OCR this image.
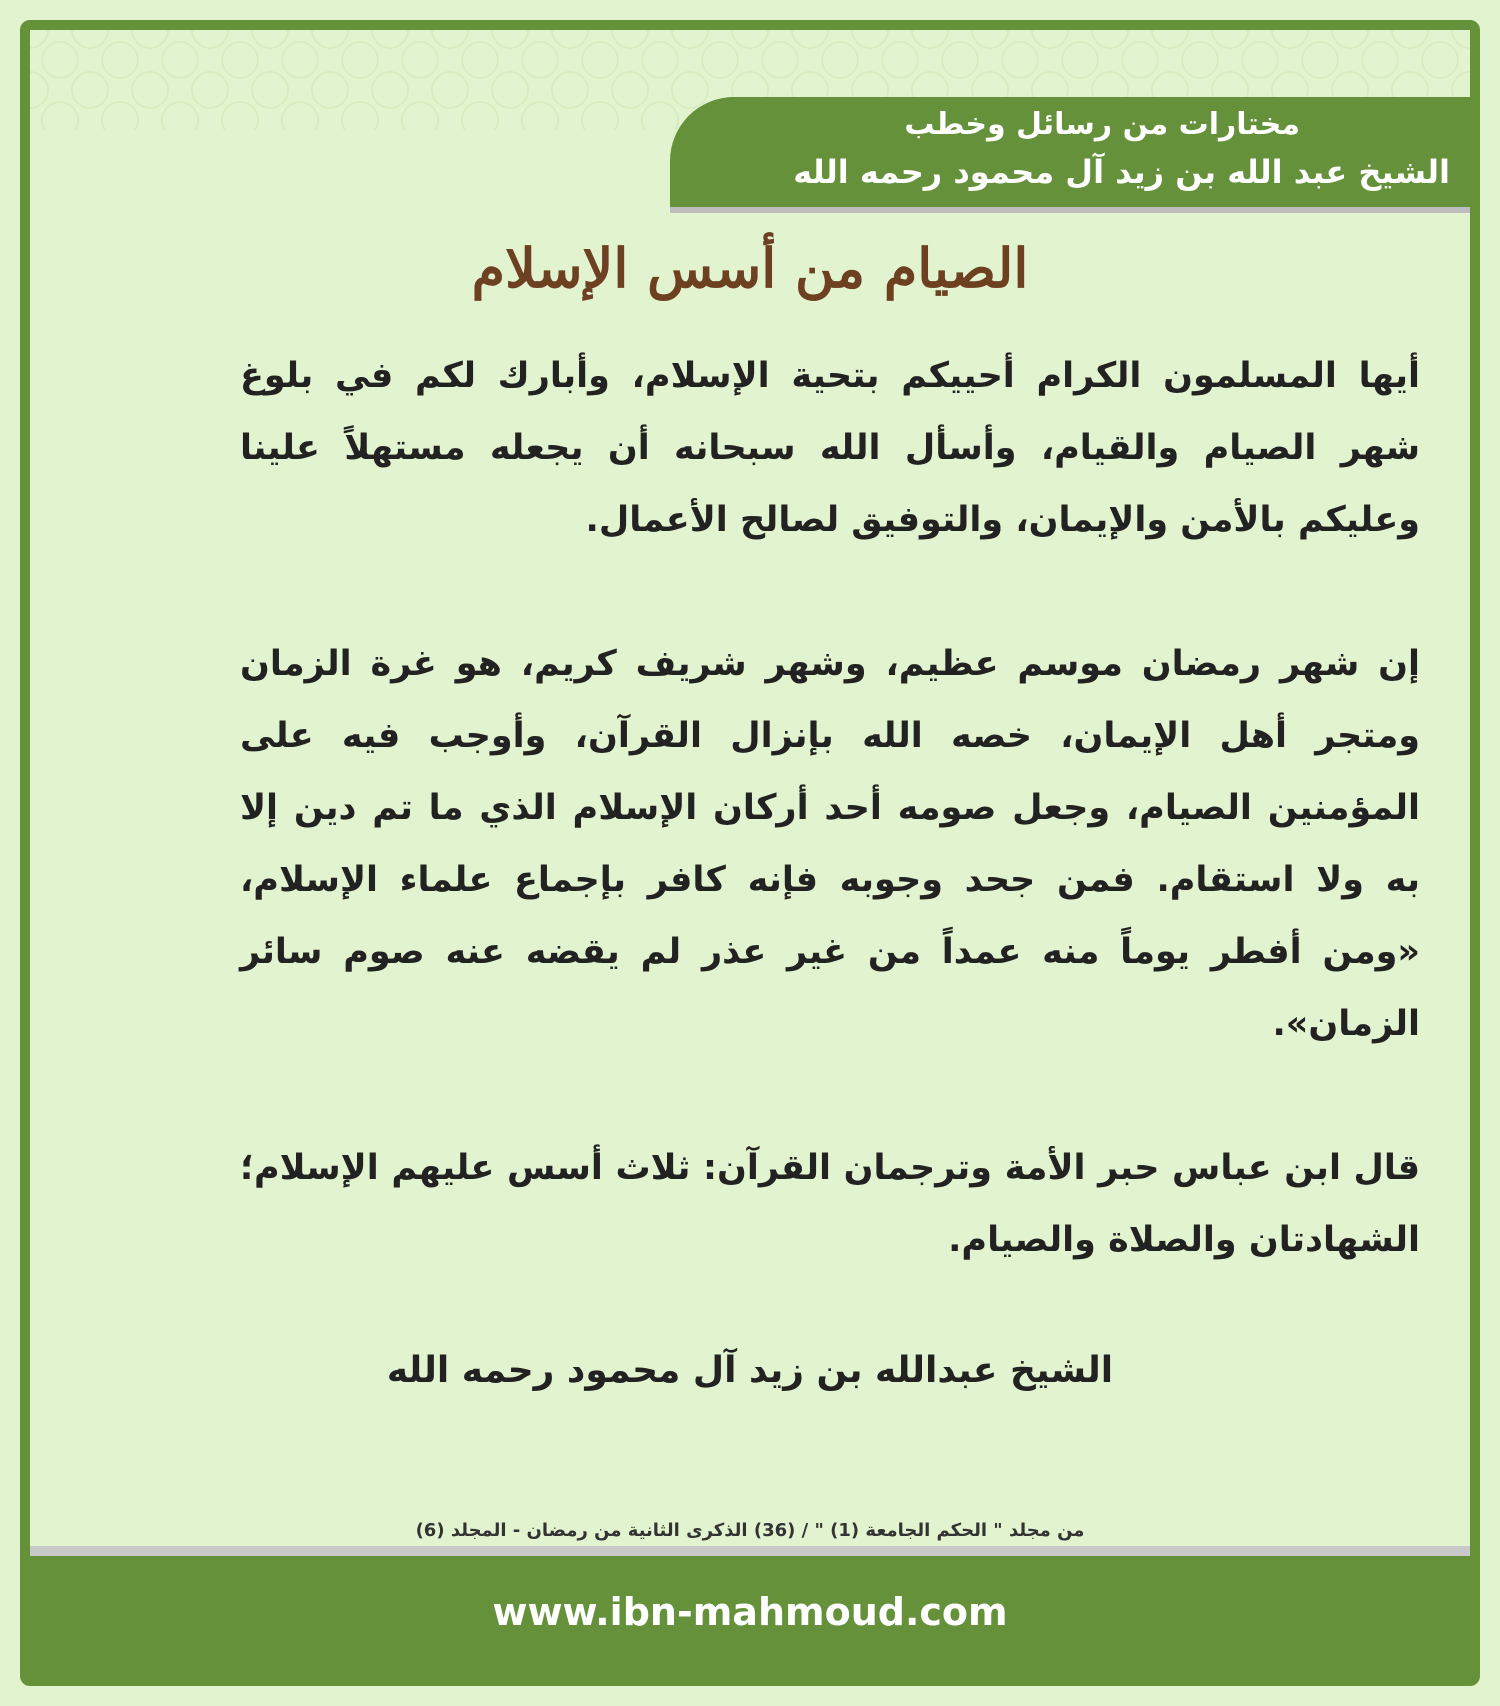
مختارات من رسائل وخطب
الشيخ عبد الله بن زيد آل محمود رحمه الله
الصيام من أسس الإسلام

أيها المسلمون الكرام أحييكم بتحية الإسلام، وأبارك لكم في بلوغ شهر الصيام والقيام، وأسأل الله سبحانه أن يجعله مستهلاً علينا وعليكم بالأمن والإيمان، والتوفيق لصالح الأعمال.

إن شهر رمضان موسم عظيم، وشهر شريف كريم، هو غرة الزمان ومتجر أهل الإيمان، خصه الله بإنزال القرآن، وأوجب فيه على المؤمنين الصيام، وجعل صومه أحد أركان الإسلام الذي ما تم دين إلا به ولا استقام. فمن جحد وجوبه فإنه كافر بإجماع علماء الإسلام، «ومن أفطر يوماً منه عمداً من غير عذر لم يقضه عنه صوم سائر الزمان».

قال ابن عباس حبر الأمة وترجمان القرآن: ثلاث أسس عليهم الإسلام؛ الشهادتان والصلاة والصيام.

الشيخ عبدالله بن زيد آل محمود رحمه الله
من مجلد " الحكم الجامعة (1) " / (36) الذكرى الثانية من رمضان - المجلد (6)
www.ibn-mahmoud.com
